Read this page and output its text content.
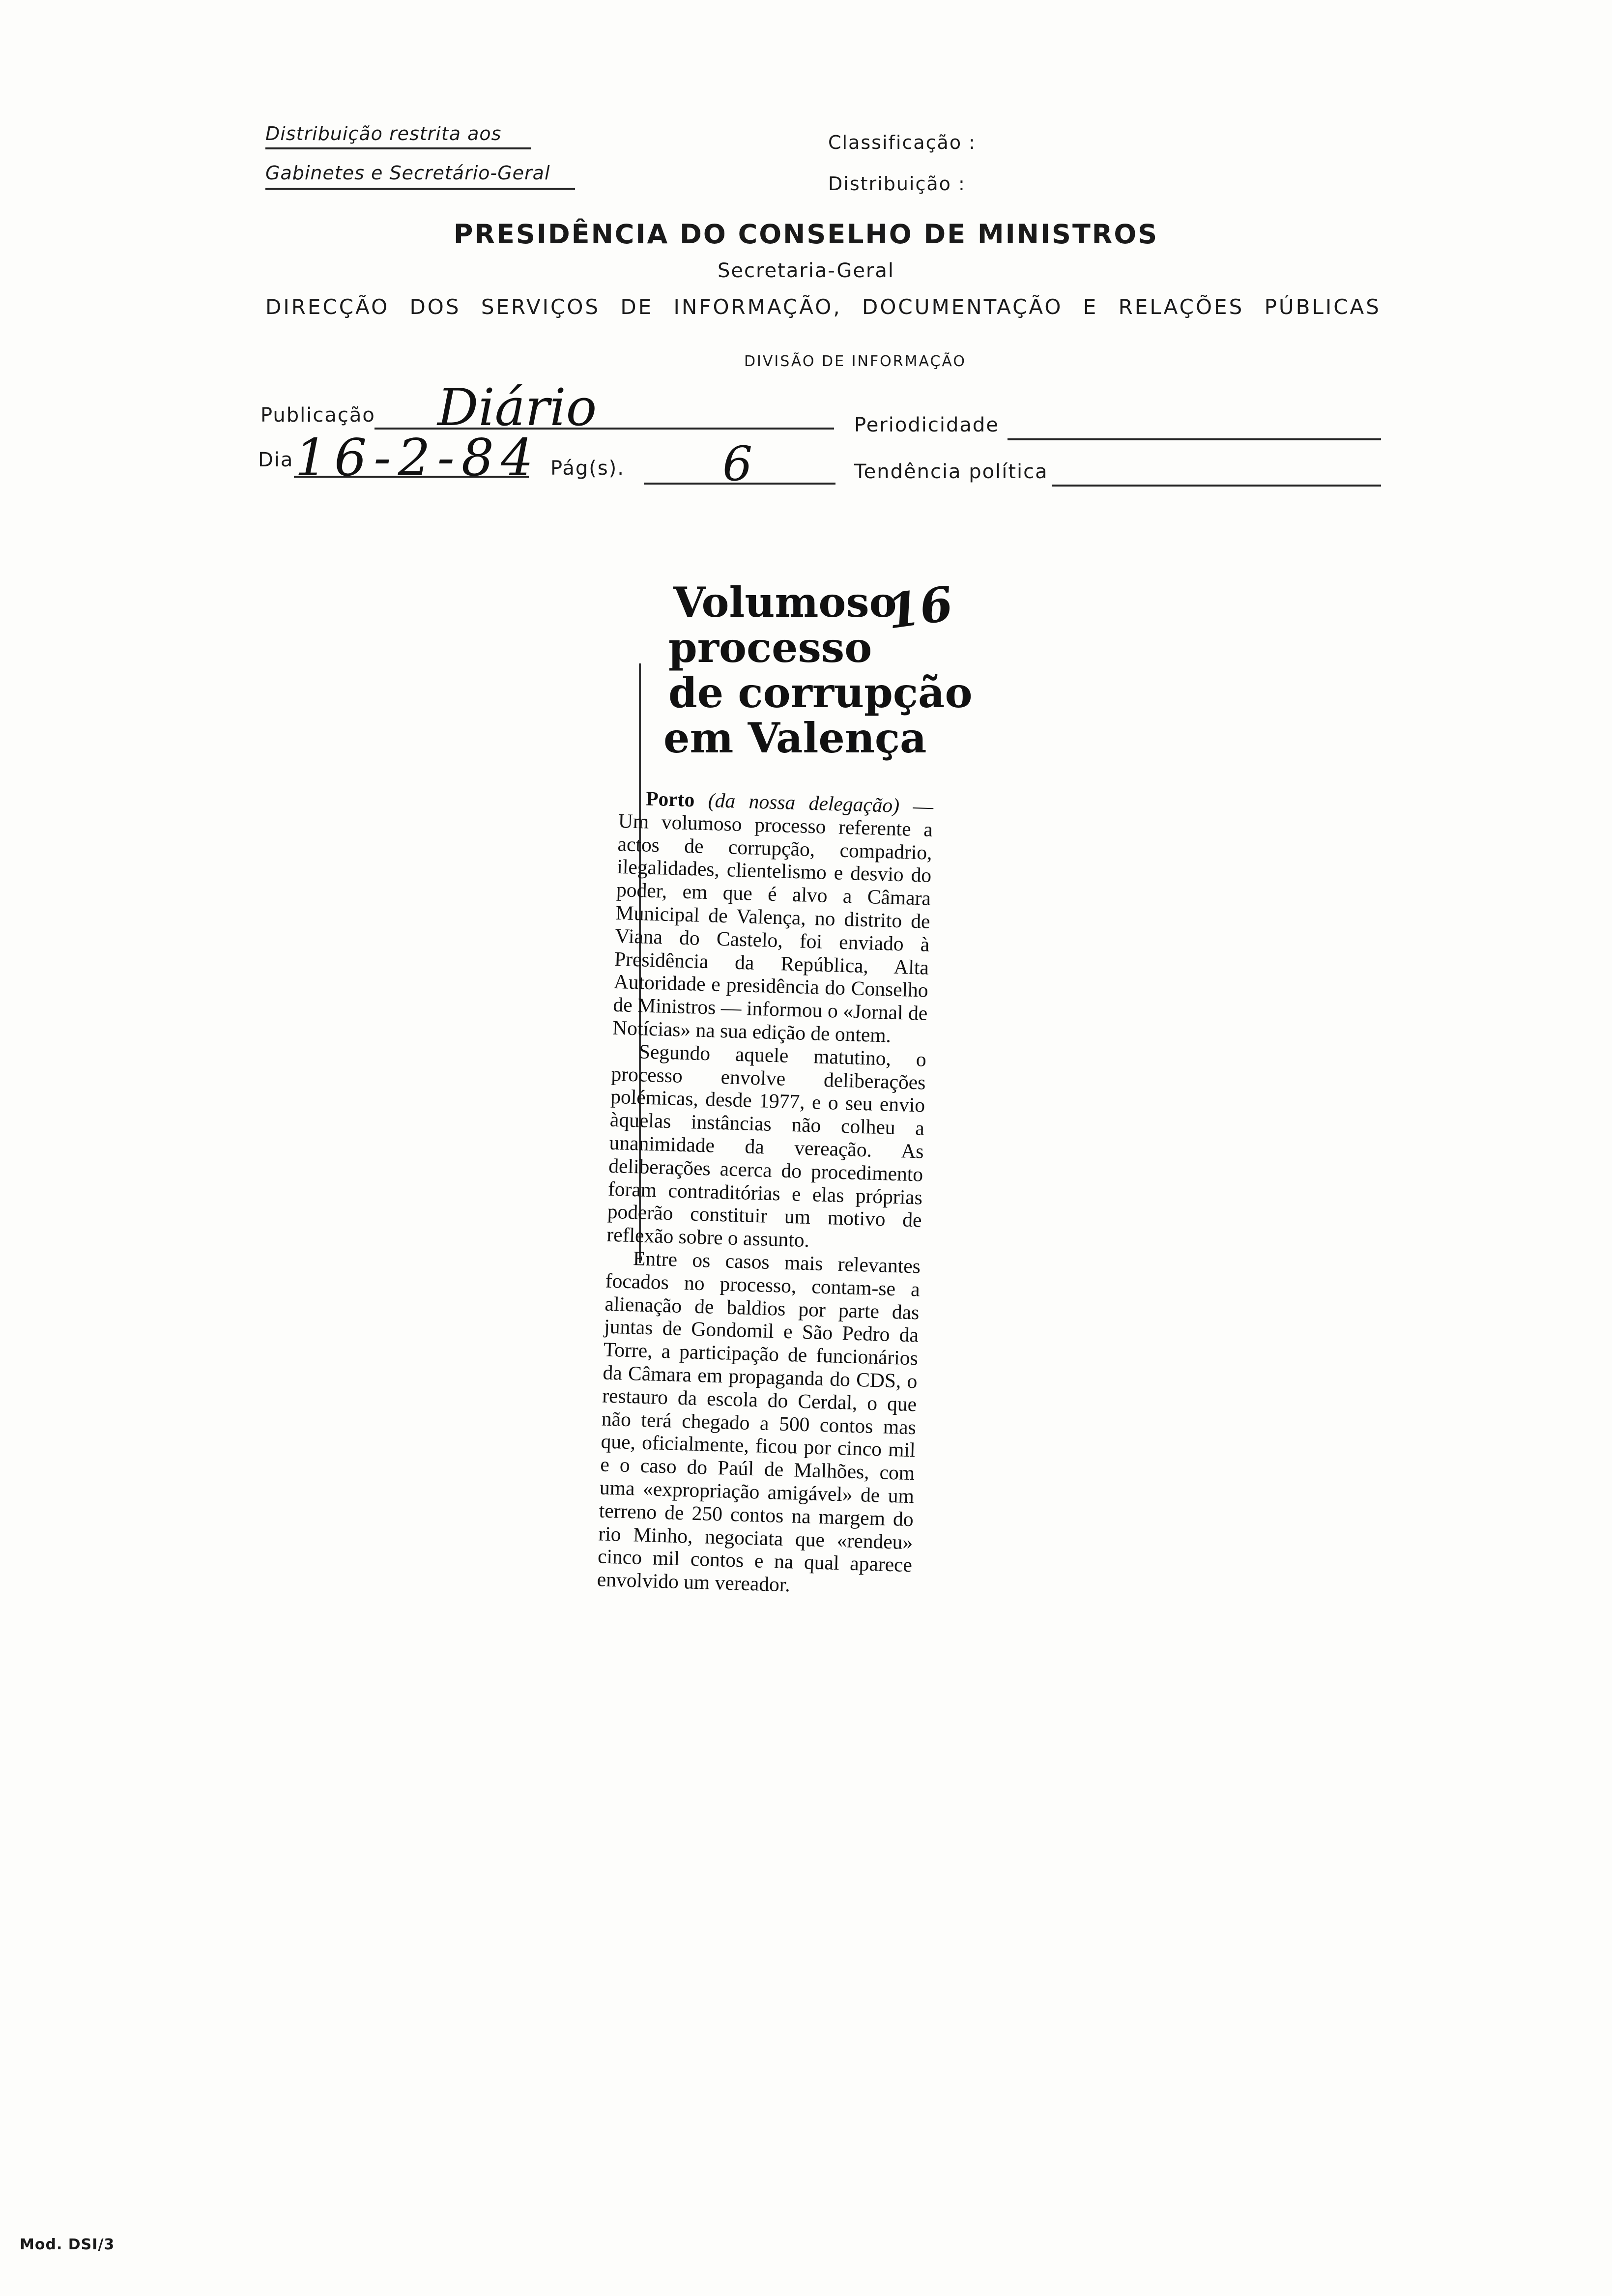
Distribuição restrita aos
Gabinetes e Secretário-Geral
Classificação :
Distribuição :
PRESIDÊNCIA DO CONSELHO DE MINISTROS
Secretaria-Geral
DIRECÇÃO DOS SERVIÇOS DE INFORMAÇÃO, DOCUMENTAÇÃO E RELAÇÕES PÚBLICAS
DIVISÃO DE INFORMAÇÃO
Publicação Diário	Periodicidade
Dia 16-2-84 Pág(s). 6	Tendência política
Volumoso
processo
de corrupção
em Valença
16

Porto (da nossa delegação) — Um volumoso processo referente a actos de corrupção, compadrio, ilegalidades, clientelismo e desvio do poder, em que é alvo a Câmara Municipal de Valença, no distrito de Viana do Castelo, foi enviado à Presidência da República, Alta Autoridade e presidência do Conselho de Ministros — informou o «Jornal de Notícias» na sua edição de ontem.

Segundo aquele matutino, o processo envolve deliberações polémicas, desde 1977, e o seu envio àquelas instâncias não colheu a unanimidade da vereação. As deliberações acerca do procedimento foram contraditórias e elas próprias poderão constituir um motivo de reflexão sobre o assunto.

Entre os casos mais relevantes focados no processo, contam-se a alienação de baldios por parte das juntas de Gondomil e São Pedro da Torre, a participação de funcionários da Câmara em propaganda do CDS, o restauro da escola do Cerdal, o que não terá chegado a 500 contos mas que, oficialmente, ficou por cinco mil e o caso do Paúl de Malhões, com uma «expropriação amigável» de um terreno de 250 contos na margem do rio Minho, negociata que «rendeu» cinco mil contos e na qual aparece envolvido um vereador.

Mod. DSI/3
